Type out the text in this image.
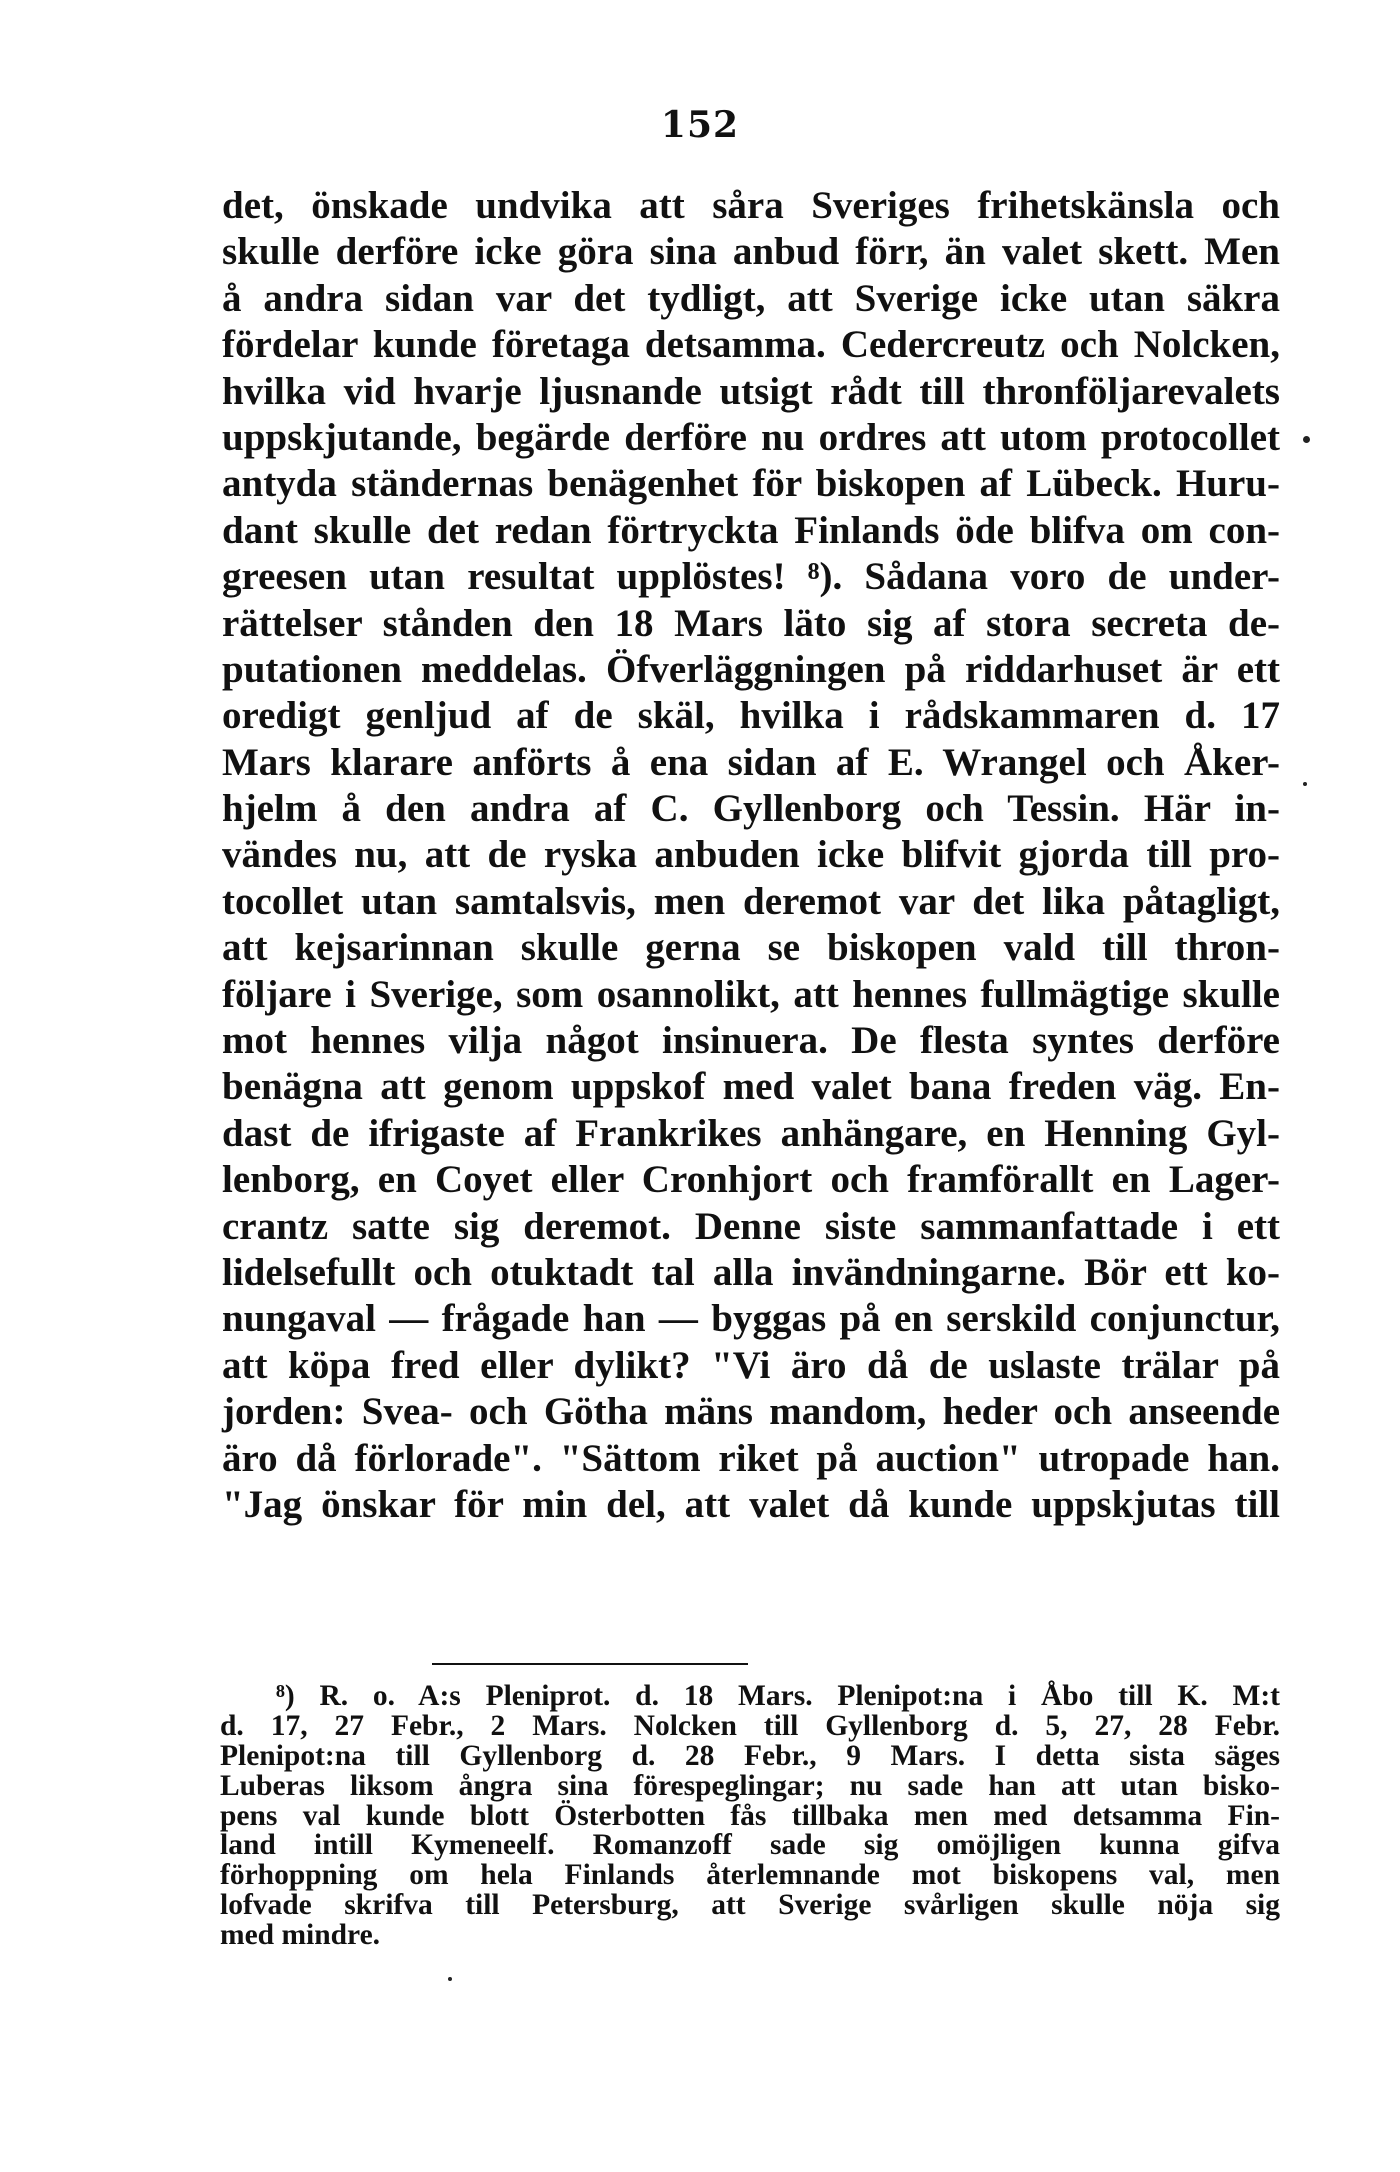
152
det, önskade undvika att såra Sveriges frihetskänsla och
skulle derföre icke göra sina anbud förr, än valet skett. Men
å andra sidan var det tydligt, att Sverige icke utan säkra
fördelar kunde företaga detsamma. Cedercreutz och Nolcken,
hvilka vid hvarje ljusnande utsigt rådt till thronföljarevalets
uppskjutande, begärde derföre nu ordres att utom protocollet
antyda ständernas benägenhet för biskopen af Lübeck. Huru-
dant skulle det redan förtryckta Finlands öde blifva om con-
greesen utan resultat upplöstes! ⁸). Sådana voro de under-
rättelser stånden den 18 Mars läto sig af stora secreta de-
putationen meddelas. Öfverläggningen på riddarhuset är ett
oredigt genljud af de skäl, hvilka i rådskammaren d. 17
Mars klarare anförts å ena sidan af E. Wrangel och Åker-
hjelm å den andra af C. Gyllenborg och Tessin. Här in-
vändes nu, att de ryska anbuden icke blifvit gjorda till pro-
tocollet utan samtalsvis, men deremot var det lika påtagligt,
att kejsarinnan skulle gerna se biskopen vald till thron-
följare i Sverige, som osannolikt, att hennes fullmägtige skulle
mot hennes vilja något insinuera. De flesta syntes derföre
benägna att genom uppskof med valet bana freden väg. En-
dast de ifrigaste af Frankrikes anhängare, en Henning Gyl-
lenborg, en Coyet eller Cronhjort och framförallt en Lager-
crantz satte sig deremot. Denne siste sammanfattade i ett
lidelsefullt och otuktadt tal alla invändningarne. Bör ett ko-
nungaval — frågade han — byggas på en serskild conjunctur,
att köpa fred eller dylikt? "Vi äro då de uslaste trälar på
jorden: Svea- och Götha mäns mandom, heder och anseende
äro då förlorade". "Sättom riket på auction" utropade han.
"Jag önskar för min del, att valet då kunde uppskjutas till
⁸) R. o. A:s Pleniprot. d. 18 Mars. Plenipot:na i Åbo till K. M:t
d. 17, 27 Febr., 2 Mars. Nolcken till Gyllenborg d. 5, 27, 28 Febr.
Plenipot:na till Gyllenborg d. 28 Febr., 9 Mars. I detta sista säges
Luberas liksom ångra sina förespeglingar; nu sade han att utan bisko-
pens val kunde blott Österbotten fås tillbaka men med detsamma Fin-
land intill Kymeneelf. Romanzoff sade sig omöjligen kunna gifva
förhoppning om hela Finlands återlemnande mot biskopens val, men
lofvade skrifva till Petersburg, att Sverige svårligen skulle nöja sig
med mindre.
